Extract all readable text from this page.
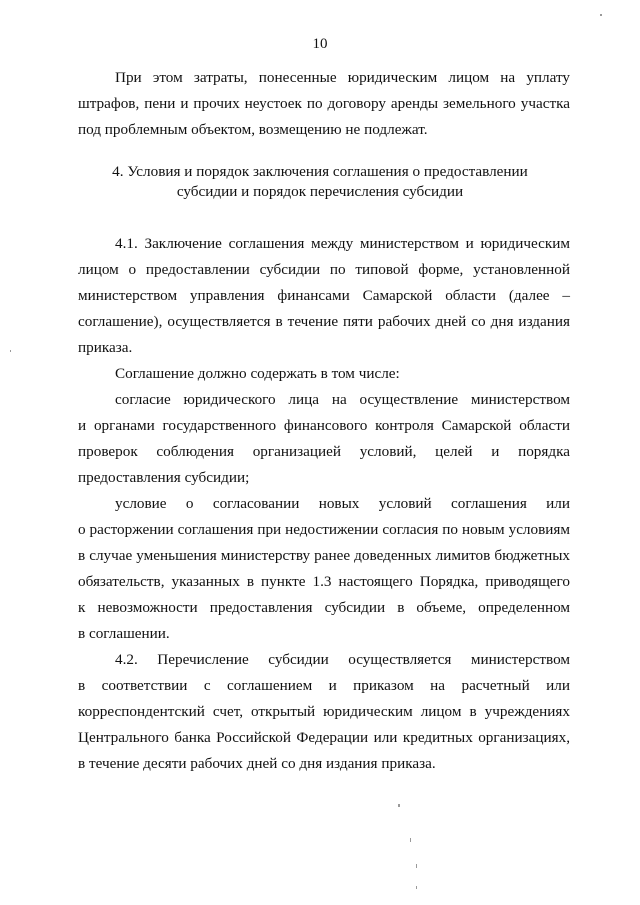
10
При этом затраты, понесенные юридическим лицом на уплату
штрафов, пени и прочих неустоек по договору аренды земельного участка
под проблемным объектом, возмещению не подлежат.
4. Условия и порядок заключения соглашения о предоставлении
субсидии и порядок перечисления субсидии
4.1. Заключение соглашения между министерством и юридическим
лицом о предоставлении субсидии по типовой форме, установленной
министерством управления финансами Самарской области (далее –
соглашение), осуществляется в течение пяти рабочих дней со дня издания
приказа.
Соглашение должно содержать в том числе:
согласие юридического лица на осуществление министерством
и органами государственного финансового контроля Самарской области
проверок соблюдения организацией условий, целей и порядка
предоставления субсидии;
условие о согласовании новых условий соглашения или
о расторжении соглашения при недостижении согласия по новым условиям
в случае уменьшения министерству ранее доведенных лимитов бюджетных
обязательств, указанных в пункте 1.3 настоящего Порядка, приводящего
к невозможности предоставления субсидии в объеме, определенном
в соглашении.
4.2. Перечисление субсидии осуществляется министерством
в соответствии с соглашением и приказом на расчетный или
корреспондентский счет, открытый юридическим лицом в учреждениях
Центрального банка Российской Федерации или кредитных организациях,
в течение десяти рабочих дней со дня издания приказа.
